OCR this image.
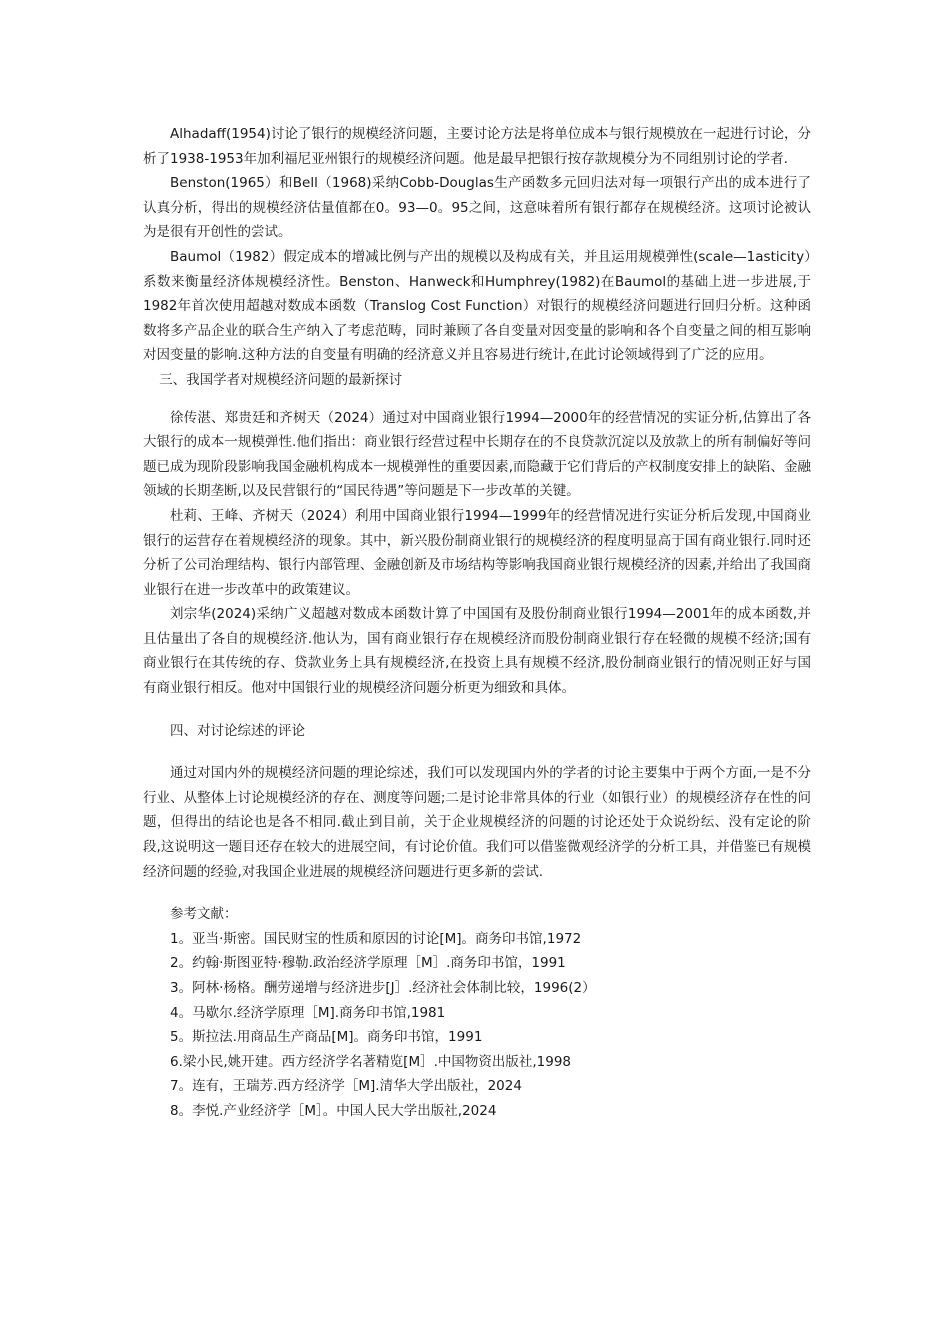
Alhadaff(1954)讨论了银行的规模经济问题，主要讨论方法是将单位成本与银行规模放在一起进行讨论，分析了1938-1953年加利福尼亚州银行的规模经济问题。他是最早把银行按存款规模分为不同组别讨论的学者.

Benston(1965）和Bell（1968)采纳Cobb-Douglas生产函数多元回归法对每一项银行产出的成本进行了认真分析，得出的规模经济估量值都在0。93—0。95之间，这意味着所有银行都存在规模经济。这项讨论被认为是很有开创性的尝试。

Baumol（1982）假定成本的增减比例与产出的规模以及构成有关，并且运用规模弹性(scale—1asticity）系数来衡量经济体规模经济性。Benston、Hanweck和Humphrey(1982)在Baumol的基础上进一步进展,于1982年首次使用超越对数成本函数（Translog Cost Function）对银行的规模经济问题进行回归分析。这种函数将多产品企业的联合生产纳入了考虑范畴，同时兼顾了各自变量对因变量的影响和各个自变量之间的相互影响对因变量的影响.这种方法的自变量有明确的经济意义并且容易进行统计,在此讨论领域得到了广泛的应用。

三、我国学者对规模经济问题的最新探讨

徐传湛、郑贵廷和齐树天（2024）通过对中国商业银行1994—2000年的经营情况的实证分析,估算出了各大银行的成本一规模弹性.他们指出：商业银行经营过程中长期存在的不良贷款沉淀以及放款上的所有制偏好等问题已成为现阶段影响我国金融机构成本一规模弹性的重要因素,而隐藏于它们背后的产权制度安排上的缺陷、金融领域的长期垄断,以及民营银行的“国民待遇”等问题是下一步改革的关键。

杜莉、王峰、齐树天（2024）利用中国商业银行1994—1999年的经营情况进行实证分析后发现,中国商业银行的运营存在着规模经济的现象。其中，新兴股份制商业银行的规模经济的程度明显高于国有商业银行.同时还分析了公司治理结构、银行内部管理、金融创新及市场结构等影响我国商业银行规模经济的因素,并给出了我国商业银行在进一步改革中的政策建议。

刘宗华(2024)采纳广义超越对数成本函数计算了中国国有及股份制商业银行1994—2001年的成本函数,并且估量出了各自的规模经济.他认为，国有商业银行存在规模经济而股份制商业银行存在轻微的规模不经济;国有商业银行在其传统的存、贷款业务上具有规模经济,在投资上具有规模不经济,股份制商业银行的情况则正好与国有商业银行相反。他对中国银行业的规模经济问题分析更为细致和具体。

四、对讨论综述的评论

通过对国内外的规模经济问题的理论综述，我们可以发现国内外的学者的讨论主要集中于两个方面,一是不分行业、从整体上讨论规模经济的存在、测度等问题;二是讨论非常具体的行业（如银行业）的规模经济存在性的问题，但得出的结论也是各不相同.截止到目前，关于企业规模经济的问题的讨论还处于众说纷纭、没有定论的阶段,这说明这一题目还存在较大的进展空间，有讨论价值。我们可以借鉴微观经济学的分析工具，并借鉴已有规模经济问题的经验,对我国企业进展的规模经济问题进行更多新的尝试.

参考文献：

1。亚当·斯密。国民财宝的性质和原因的讨论[M]。商务印书馆,1972

2。约翰·斯图亚特·穆勒.政治经济学原理［M］.商务印书馆，1991

3。阿林·杨格。酬劳递增与经济进步[J］.经济社会体制比较，1996(2）

4。马歇尔.经济学原理［M].商务印书馆,1981

5。斯拉法.用商品生产商品[M]。商务印书馆，1991

6.梁小民,姚开建。西方经济学名著精览[M］.中国物资出版社,1998

7。连有，王瑞芳.西方经济学［M].清华大学出版社，2024

8。李悦.产业经济学［M］。中国人民大学出版社,2024
